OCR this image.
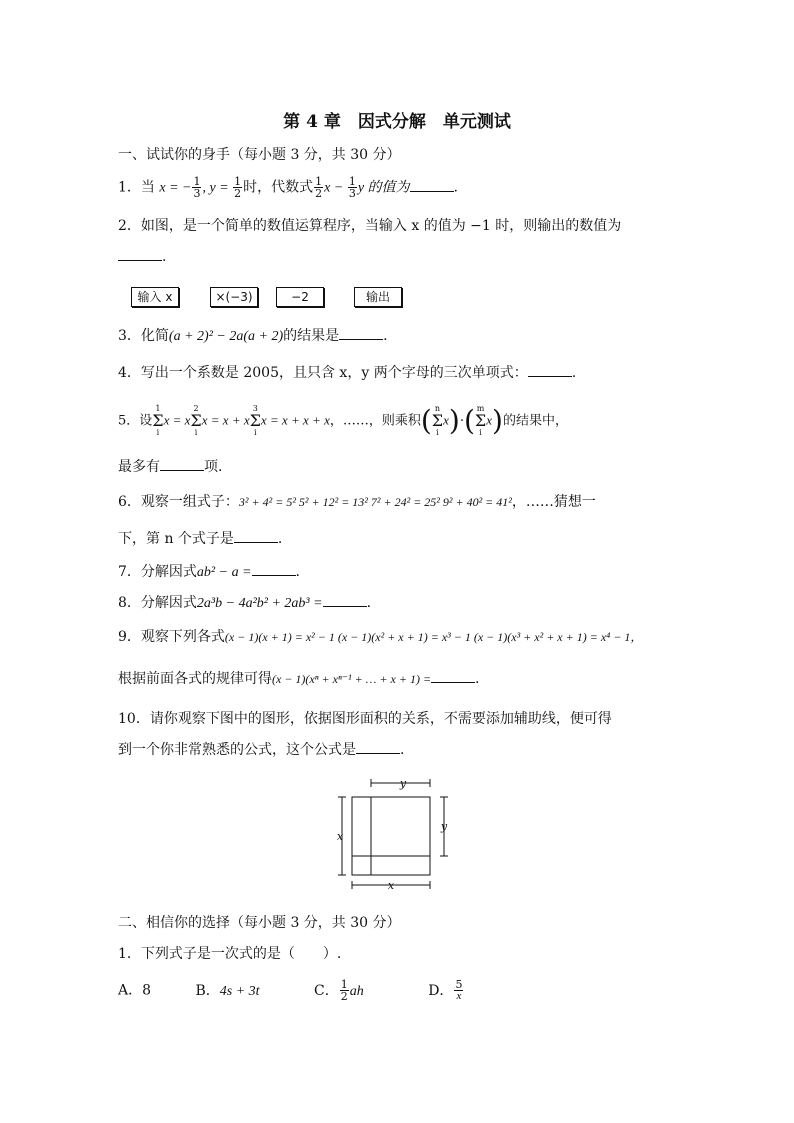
第 4 章　因式分解　单元测试
一、试试你的身手（每小题 3 分，共 30 分）
1．当 x = − $\frac{1}{3}$ , $y = \frac{1}{2}$ 时，代数式 $\frac{1}{2}$ $x - \frac{1}{3}$ y 的值为	.
2．如图，是一个简单的数值运算程序，当输入 x 的值为 −1 时，则输出的数值为
.
输入 x	×(−3)	−2	输出
3．化简(a + 2)² − 2a(a + 2)的结果是	.
4．写出一个系数是 2005，且只含 x，y 两个字母的三次单项式：	.
5．设1
Σ
ix = x2
Σ
ix = x + x3
Σ
ix = x + x + x，……，则乘积( n
Σ
ix)·( m
Σ
ix)的结果中，
最多有	项.
6．观察一组式子：3² + 4² = 5² 5² + 12² = 13² 7² + 24² = 25² 9² + 40² = 41²，……猜想一
下，第 n 个式子是	.
7．分解因式ab² − a =	.
8．分解因式2a³b − 4a²b² + 2ab³ =	.
9．观察下列各式(x − 1)(x + 1) = x² − 1 (x − 1)(x² + x + 1) = x³ − 1 (x − 1)(x³ + x² + x + 1) = x⁴ − 1，
根据前面各式的规律可得(x − 1)(xⁿ + xⁿ⁻¹ + … + x + 1) =	.
10．请你观察下图中的图形，依据图形面积的关系，不需要添加辅助线，便可得
到一个你非常熟悉的公式，这个公式是	.
y
x
y
x
二、相信你的选择（每小题 3 分，共 30 分）
1．下列式子是一次式的是（　　）.
A．8	B．4s + 3t	C． $\frac{1}{2}$ ah	D． $\frac{5}{x}$
